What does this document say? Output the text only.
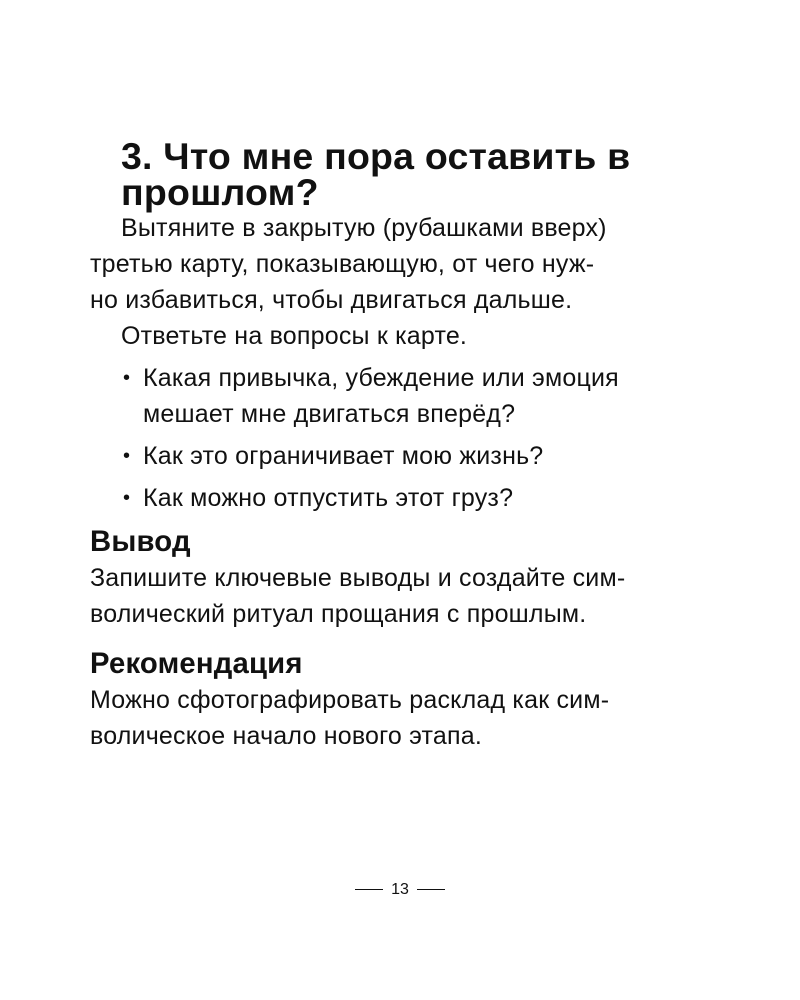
3. Что мне пора оставить в прошлом?

Вытяните в закрытую (рубашками вверх)
третью карту, показывающую, от чего нуж-
но избавиться, чтобы двигаться дальше.

Ответьте на вопросы к карте.

• Какая привычка, убеждение или эмоция
мешает мне двигаться вперёд?
• Как это ограничивает мою жизнь?
• Как можно отпустить этот груз?
Вывод

Запишите ключевые выводы и создайте сим-
волический ритуал прощания с прошлым.

Рекомендация

Можно сфотографировать расклад как сим-
волическое начало нового этапа.

13
